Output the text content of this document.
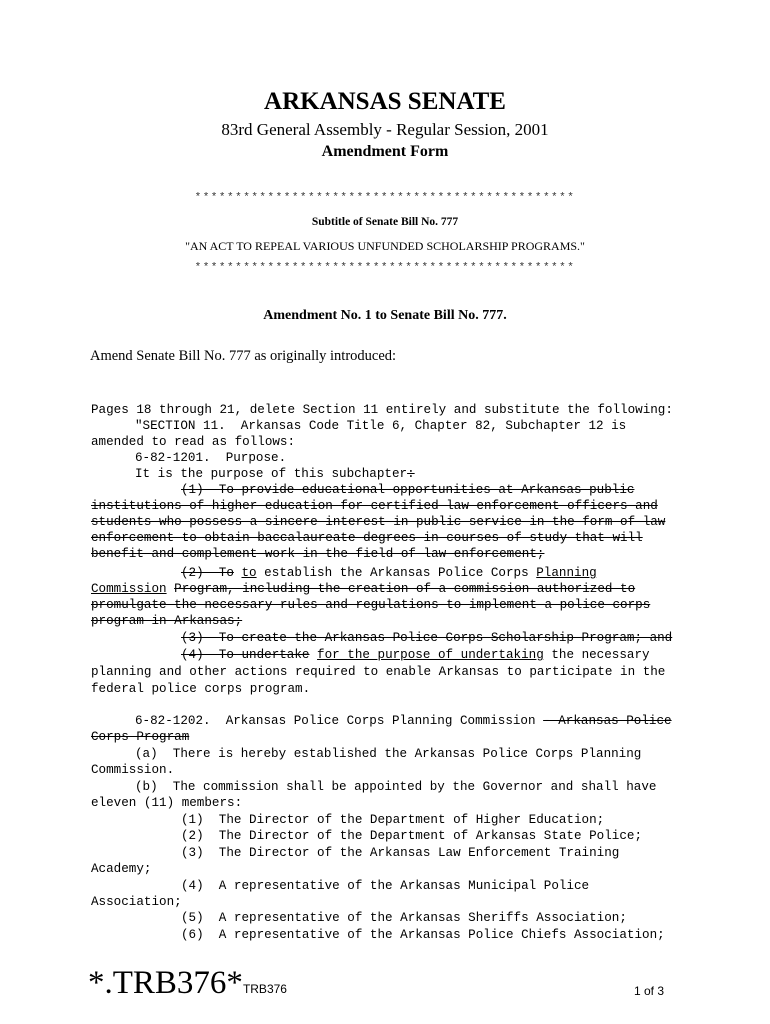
ARKANSAS SENATE
83rd General Assembly - Regular Session, 2001
Amendment Form
***********************************************
Subtitle of Senate Bill No. 777
"AN ACT TO REPEAL VARIOUS UNFUNDED SCHOLARSHIP PROGRAMS."
***********************************************
Amendment No. 1 to Senate Bill No. 777.
Amend Senate Bill No. 777 as originally introduced:
Pages 18 through 21, delete Section 11 entirely and substitute the following:
"SECTION 11.  Arkansas Code Title 6, Chapter 82, Subchapter 12 is
amended to read as follows:
6-82-1201.  Purpose.
It is the purpose of this subchapter:
(1)  To provide educational opportunities at Arkansas public
institutions of higher education for certified law enforcement officers and
students who possess a sincere interest in public service in the form of law
enforcement to obtain baccalaureate degrees in courses of study that will
benefit and complement work in the field of law enforcement;
(2)  To to establish the Arkansas Police Corps Planning
Commission Program, including the creation of a commission authorized to
promulgate the necessary rules and regulations to implement a police corps
program in Arkansas;
(3)  To create the Arkansas Police Corps Scholarship Program; and
(4)  To undertake for the purpose of undertaking the necessary
planning and other actions required to enable Arkansas to participate in the
federal police corps program.
6-82-1202.  Arkansas Police Corps Planning Commission - Arkansas Police
Corps Program
(a)  There is hereby established the Arkansas Police Corps Planning
Commission.
(b)  The commission shall be appointed by the Governor and shall have
eleven (11) members:
(1)  The Director of the Department of Higher Education;
(2)  The Director of the Department of Arkansas State Police;
(3)  The Director of the Arkansas Law Enforcement Training
Academy;
(4)  A representative of the Arkansas Municipal Police
Association;
(5)  A representative of the Arkansas Sheriffs Association;
(6)  A representative of the Arkansas Police Chiefs Association;
*.TRB376*TRB376	1 of 3
